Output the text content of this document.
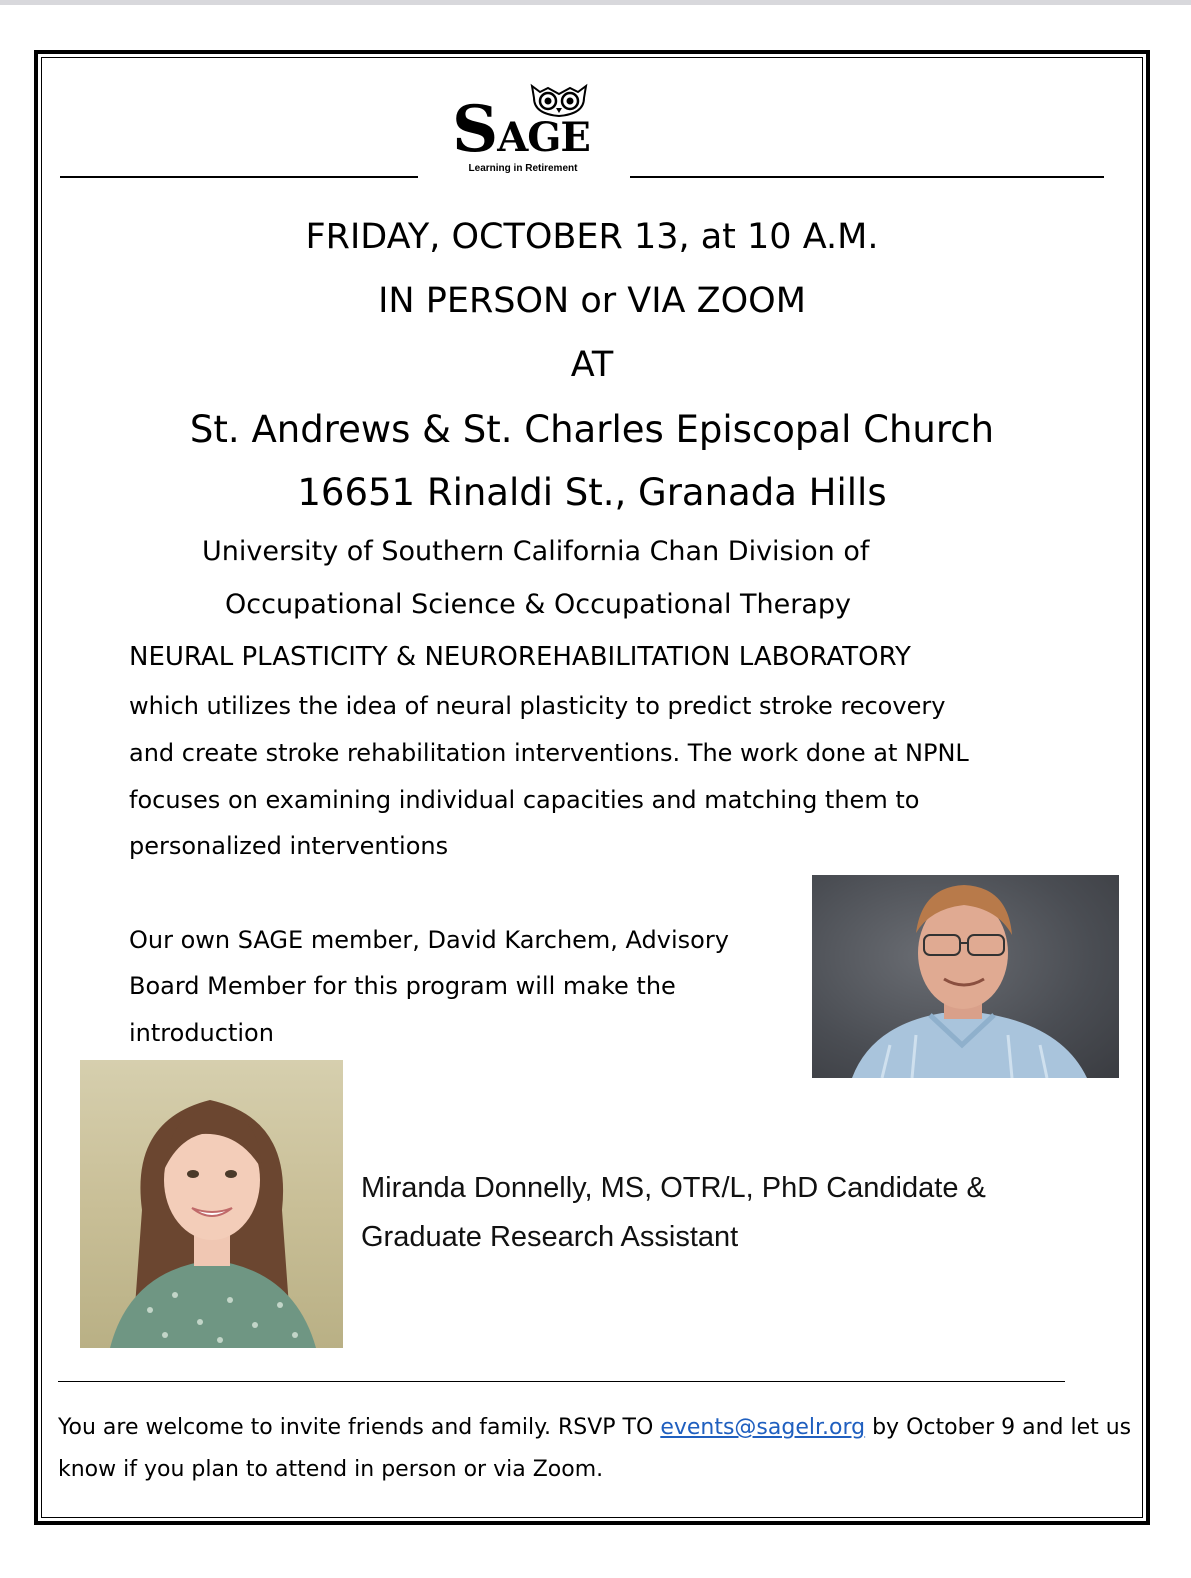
SAGE
Learning in Retirement
FRIDAY, OCTOBER 13, at 10 A.M.
IN PERSON or VIA ZOOM
AT
St. Andrews & St. Charles Episcopal Church
16651 Rinaldi St., Granada Hills
University of Southern California Chan Division of
Occupational Science & Occupational Therapy
NEURAL PLASTICITY & NEUROREHABILITATION LABORATORY
which utilizes the idea of neural plasticity to predict stroke recovery
and create stroke rehabilitation interventions. The work done at NPNL
focuses on examining individual capacities and matching them to
personalized interventions
Our own SAGE member, David Karchem, Advisory
Board Member for this program will make the
introduction
Miranda Donnelly, MS, OTR/L, PhD Candidate &
Graduate Research Assistant
You are welcome to invite friends and family. RSVP TO events@sagelr.org by October 9 and let us know if you plan to attend in person or via Zoom.
